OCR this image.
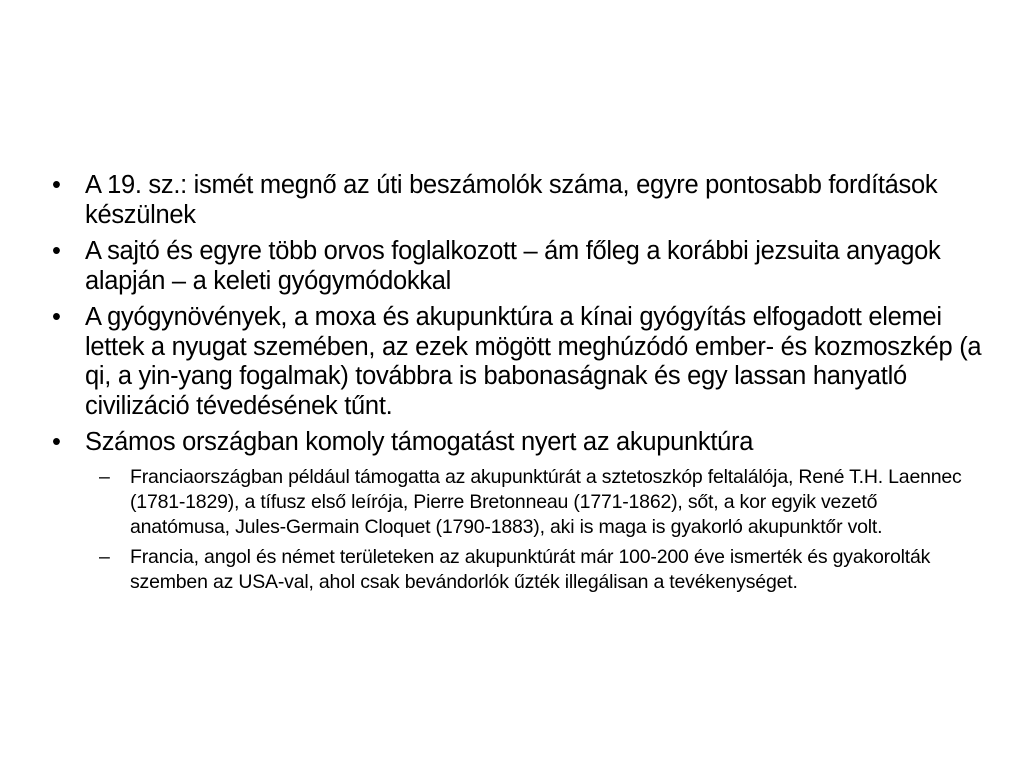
• A 19. sz.: ismét megnő az úti beszámolók száma, egyre pontosabb fordítások készülnek
• A sajtó és egyre több orvos foglalkozott – ám főleg a korábbi jezsuita anyagok alapján – a keleti gyógymódokkal
• A gyógynövények, a moxa és akupunktúra a kínai gyógyítás elfogadott elemei lettek a nyugat szemében, az ezek mögött meghúzódó ember- és kozmoszkép (a qi, a yin-yang fogalmak) továbbra is babonaságnak és egy lassan hanyatló civilizáció tévedésének tűnt.
• Számos országban komoly támogatást nyert az akupunktúra
– Franciaországban például támogatta az akupunktúrát a sztetoszkóp feltalálója, René T.H. Laennec (1781-1829), a tífusz első leírója, Pierre Bretonneau (1771-1862), sőt, a kor egyik vezető anatómusa, Jules-Germain Cloquet (1790-1883), aki is maga is gyakorló akupunktőr volt.
– Francia, angol és német területeken az akupunktúrát már 100-200 éve ismerték és gyakorolták szemben az USA-val, ahol csak bevándorlók űzték illegálisan a tevékenységet.
